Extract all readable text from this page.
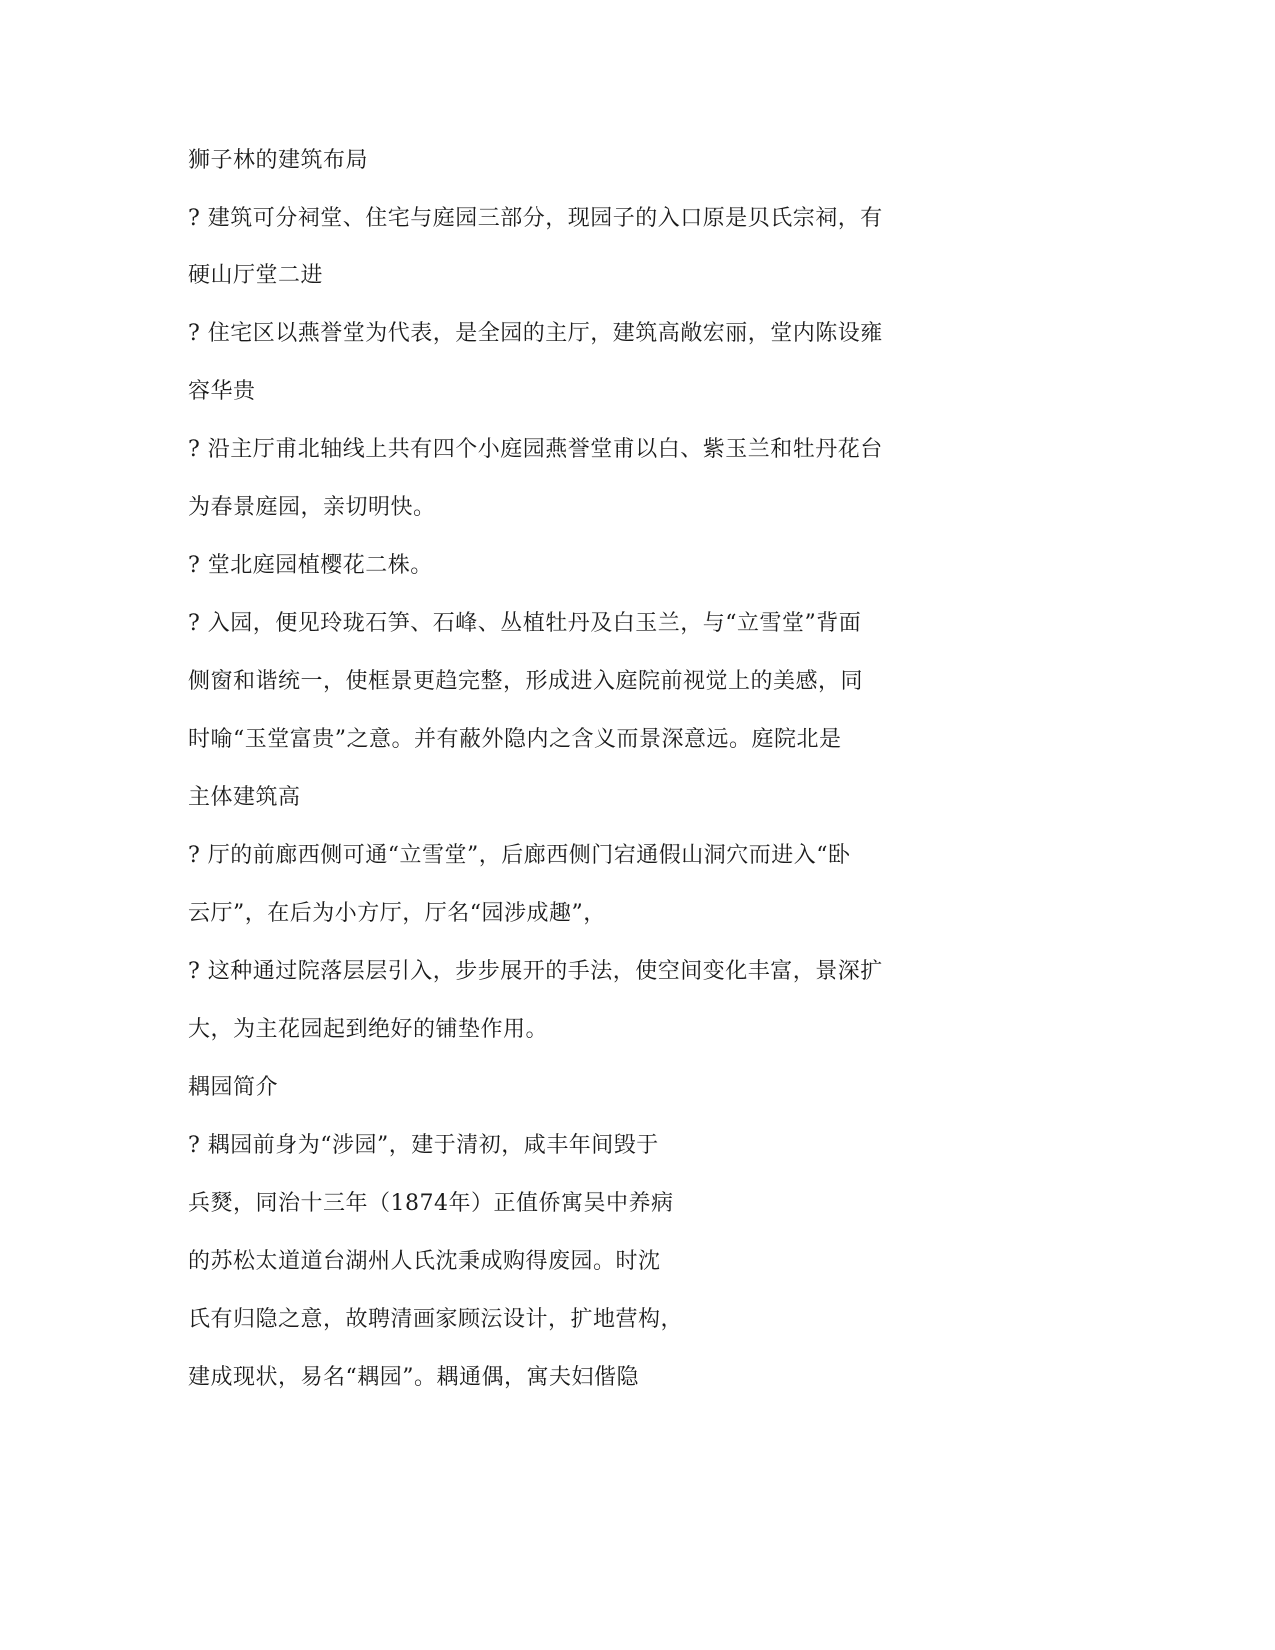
狮子林的建筑布局
? 建筑可分祠堂、住宅与庭园三部分，现园子的入口原是贝氏宗祠，有
硬山厅堂二进
? 住宅区以燕誉堂为代表，是全园的主厅，建筑高敞宏丽，堂内陈设雍
容华贵
? 沿主厅甫北轴线上共有四个小庭园燕誉堂甫以白、紫玉兰和牡丹花台
为春景庭园，亲切明快。
? 堂北庭园植樱花二株。
? 入园，便见玲珑石笋、石峰、丛植牡丹及白玉兰，与“立雪堂”背面
侧窗和谐统一，使框景更趋完整，形成进入庭院前视觉上的美感，同
时喻“玉堂富贵”之意。并有蔽外隐内之含义而景深意远。庭院北是
主体建筑高
? 厅的前廊西侧可通“立雪堂”，后廊西侧门宕通假山洞穴而进入“卧
云厅”，在后为小方厅，厅名“园涉成趣”，
? 这种通过院落层层引入，步步展开的手法，使空间变化丰富，景深扩
大，为主花园起到绝好的铺垫作用。
耦园简介
? 耦园前身为“涉园”，建于清初，咸丰年间毁于
兵燹，同治十三年（1874年）正值侨寓吴中养病
的苏松太道道台湖州人氏沈秉成购得废园。时沈
氏有归隐之意，故聘清画家顾沄设计，扩地营构，
建成现状，易名“耦园”。耦通偶，寓夫妇偕隐
